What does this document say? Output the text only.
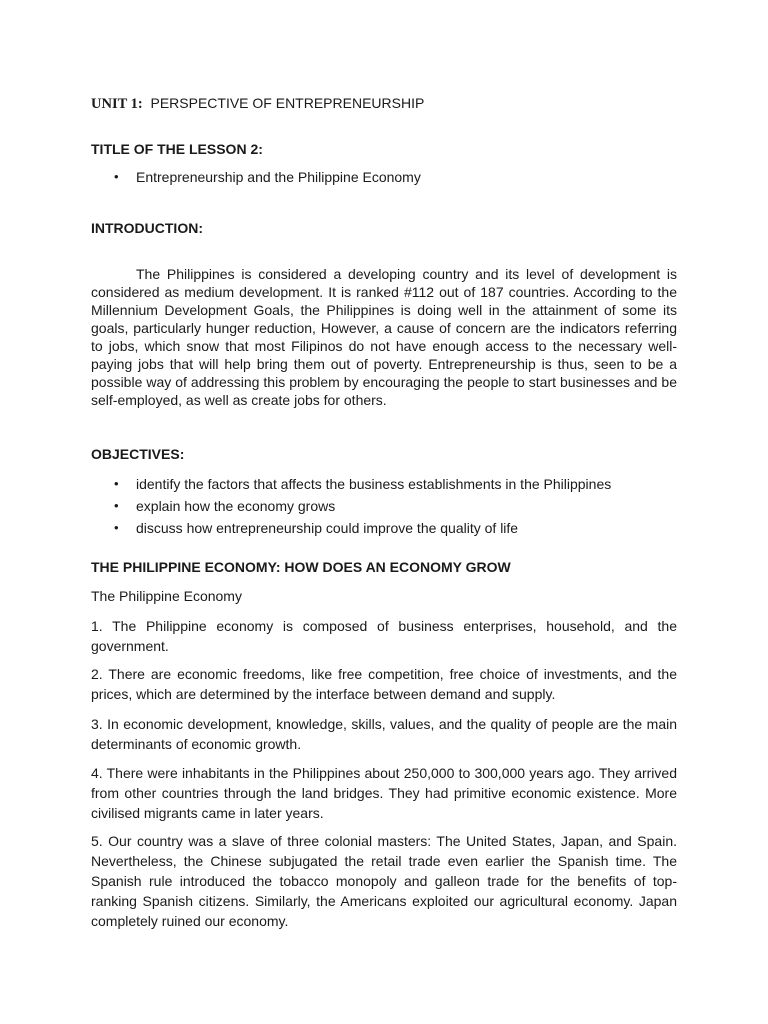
UNIT 1: PERSPECTIVE OF ENTREPRENEURSHIP
TITLE OF THE LESSON 2:
• Entrepreneurship and the Philippine Economy
INTRODUCTION:
The Philippines is considered a developing country and its level of development is considered as medium development. It is ranked #112 out of 187 countries. According to the Millennium Development Goals, the Philippines is doing well in the attainment of some its goals, particularly hunger reduction, However, a cause of concern are the indicators referring to jobs, which snow that most Filipinos do not have enough access to the necessary well-paying jobs that will help bring them out of poverty. Entrepreneurship is thus, seen to be a possible way of addressing this problem by encouraging the people to start businesses and be self-employed, as well as create jobs for others.
OBJECTIVES:
• identify the factors that affects the business establishments in the Philippines
• explain how the economy grows
• discuss how entrepreneurship could improve the quality of life
THE PHILIPPINE ECONOMY: HOW DOES AN ECONOMY GROW
The Philippine Economy
1. The Philippine economy is composed of business enterprises, household, and the government.
2. There are economic freedoms, like free competition, free choice of investments, and the prices, which are determined by the interface between demand and supply.
3. In economic development, knowledge, skills, values, and the quality of people are the main determinants of economic growth.
4. There were inhabitants in the Philippines about 250,000 to 300,000 years ago. They arrived from other countries through the land bridges. They had primitive economic existence. More civilised migrants came in later years.
5. Our country was a slave of three colonial masters: The United States, Japan, and Spain. Nevertheless, the Chinese subjugated the retail trade even earlier the Spanish time. The Spanish rule introduced the tobacco monopoly and galleon trade for the benefits of top-ranking Spanish citizens. Similarly, the Americans exploited our agricultural economy. Japan completely ruined our economy.
